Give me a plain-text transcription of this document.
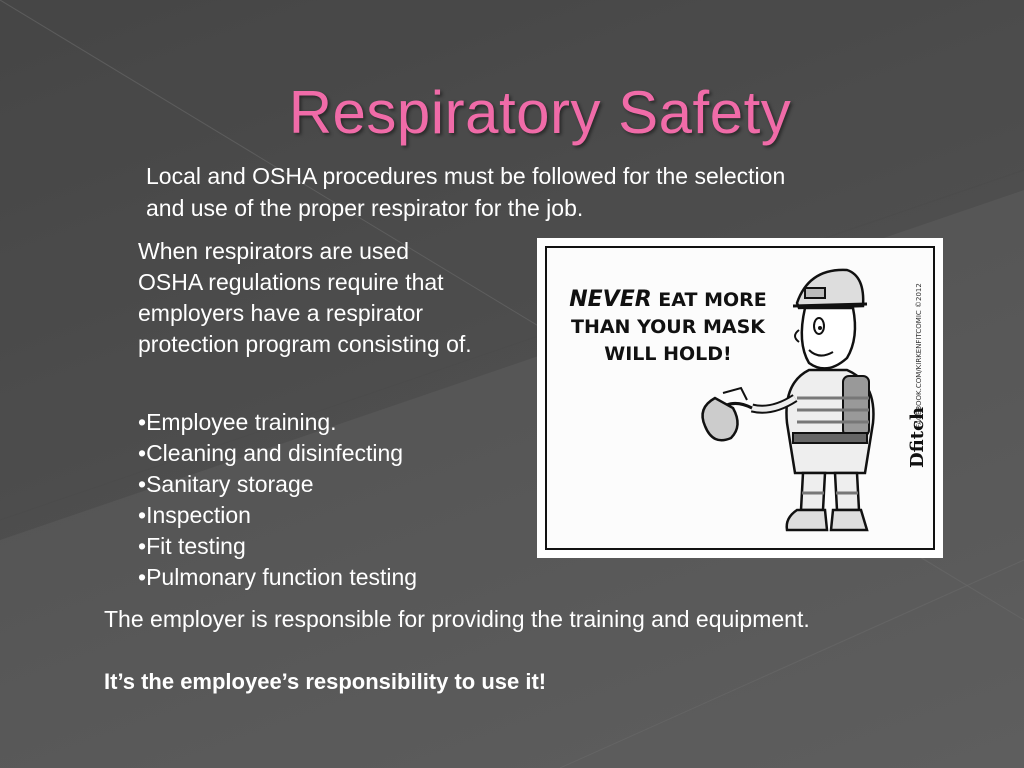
Respiratory Safety
Local and OSHA procedures must be followed for the selection and use of the proper respirator for the job.
When respirators are used OSHA regulations require that employers have a respirator protection program consisting of.
• Employee training.
• Cleaning and disinfecting
• Sanitary storage
• Inspection
• Fit testing
• Pulmonary function testing
NEVER EAT MORE THAN YOUR MASK WILL HOLD!	FACEBOOK.COM/KIRKENFITCOMIC ©2012
Dfitch
The employer is responsible for providing the training and equipment.
It’s the employee’s responsibility to use it!
